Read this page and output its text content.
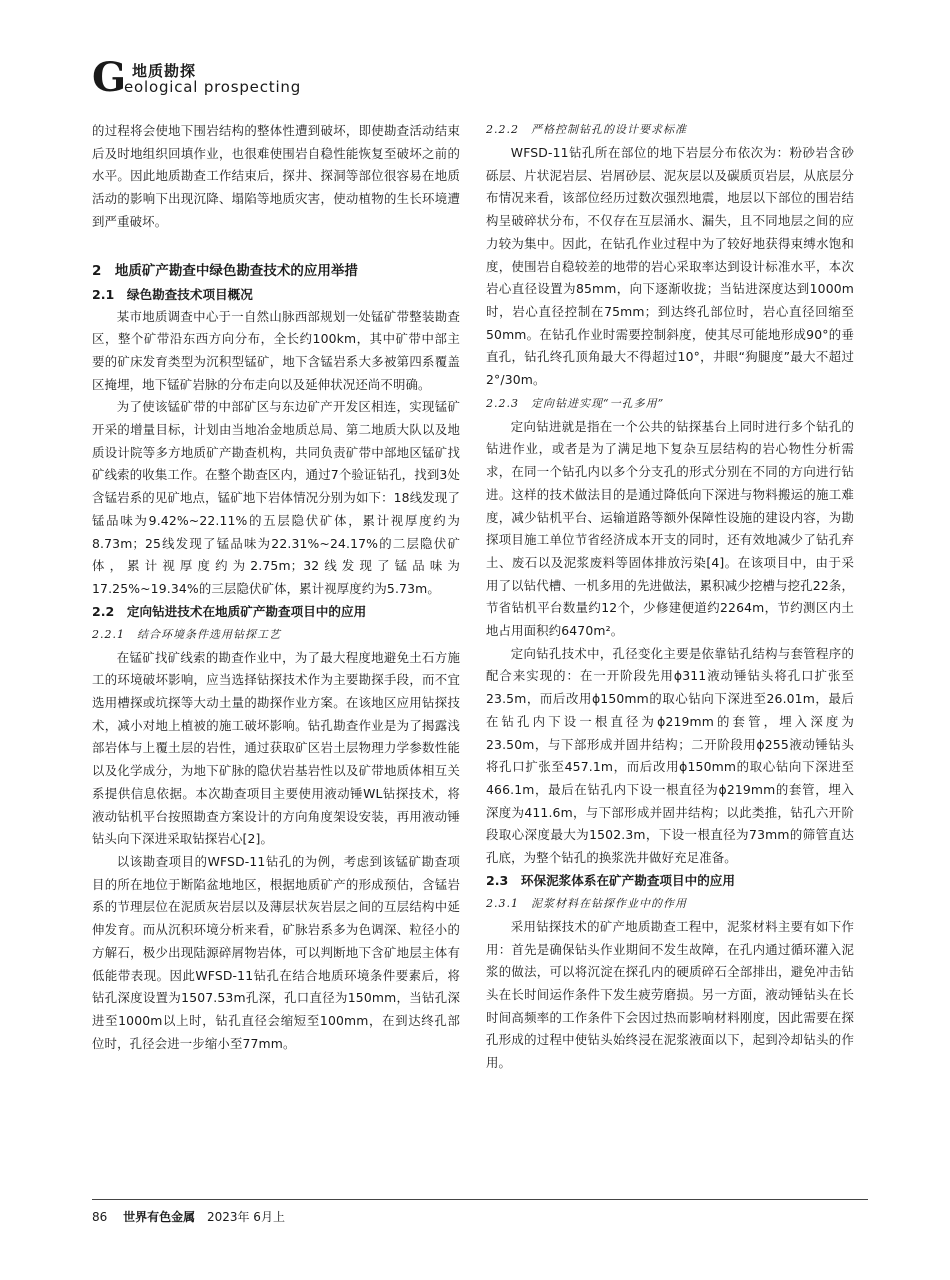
G 地质勘探
eological prospecting

的过程将会使地下围岩结构的整体性遭到破坏，即使勘查活动结束后及时地组织回填作业，也很难使围岩自稳性能恢复至破坏之前的水平。因此地质勘查工作结束后，探井、探洞等部位很容易在地质活动的影响下出现沉降、塌陷等地质灾害，使动植物的生长环境遭到严重破坏。

2　地质矿产勘查中绿色勘查技术的应用举措
2.1　绿色勘查技术项目概况

某市地质调查中心于一自然山脉西部规划一处锰矿带整装勘查区，整个矿带沿东西方向分布，全长约100km，其中矿带中部主要的矿床发育类型为沉积型锰矿，地下含锰岩系大多被第四系覆盖区掩埋，地下锰矿岩脉的分布走向以及延伸状况还尚不明确。

为了使该锰矿带的中部矿区与东边矿产开发区相连，实现锰矿开采的增量目标，计划由当地冶金地质总局、第二地质大队以及地质设计院等多方地质矿产勘查机构，共同负责矿带中部地区锰矿找矿线索的收集工作。在整个勘查区内，通过7个验证钻孔，找到3处含锰岩系的见矿地点，锰矿地下岩体情况分别为如下：18线发现了锰品味为9.42%~22.11%的五层隐伏矿体，累计视厚度约为8.73m；25线发现了锰品味为22.31%~24.17%的二层隐伏矿体，累计视厚度约为2.75m；32线发现了锰品味为17.25%~19.34%的三层隐伏矿体，累计视厚度约为5.73m。

2.2　定向钻进技术在地质矿产勘查项目中的应用
2.2.1　结合环境条件选用钻探工艺

在锰矿找矿线索的勘查作业中，为了最大程度地避免土石方施工的环境破坏影响，应当选择钻探技术作为主要勘探手段，而不宜选用槽探或坑探等大动土量的勘探作业方案。在该地区应用钻探技术，减小对地上植被的施工破坏影响。钻孔勘查作业是为了揭露浅部岩体与上覆土层的岩性，通过获取矿区岩土层物理力学参数性能以及化学成分，为地下矿脉的隐伏岩基岩性以及矿带地质体相互关系提供信息依据。本次勘查项目主要使用液动锤WL钻探技术，将液动钻机平台按照勘查方案设计的方向角度架设安装，再用液动锤钻头向下深进采取钻探岩心[2]。

以该勘查项目的WFSD-11钻孔的为例，考虑到该锰矿勘查项目的所在地位于断陷盆地地区，根据地质矿产的形成预估，含锰岩系的节理层位在泥质灰岩层以及薄层状灰岩层之间的互层结构中延伸发育。而从沉积环境分析来看，矿脉岩系多为色调深、粒径小的方解石，极少出现陆源碎屑物岩体，可以判断地下含矿地层主体有低能带表现。因此WFSD-11钻孔在结合地质环境条件要素后，将钻孔深度设置为1507.53m孔深，孔口直径为150mm，当钻孔深进至1000m以上时，钻孔直径会缩短至100mm，在到达终孔部位时，孔径会进一步缩小至77mm。

2.2.2　严格控制钻孔的设计要求标准

WFSD-11钻孔所在部位的地下岩层分布依次为：粉砂岩含砂砾层、片状泥岩层、岩屑砂层、泥灰层以及碳质页岩层，从底层分布情况来看，该部位经历过数次强烈地震，地层以下部位的围岩结构呈破碎状分布，不仅存在互层涌水、漏失，且不同地层之间的应力较为集中。因此，在钻孔作业过程中为了较好地获得束缚水饱和度，使围岩自稳较差的地带的岩心采取率达到设计标准水平，本次岩心直径设置为85mm，向下逐渐收拢；当钻进深度达到1000m时，岩心直径控制在75mm；到达终孔部位时，岩心直径回缩至50mm。在钻孔作业时需要控制斜度，使其尽可能地形成90°的垂直孔，钻孔终孔顶角最大不得超过10°，井眼“狗腿度”最大不超过2°/30m。

2.2.3　定向钻进实现“一孔多用”

定向钻进就是指在一个公共的钻探基台上同时进行多个钻孔的钻进作业，或者是为了满足地下复杂互层结构的岩心物性分析需求，在同一个钻孔内以多个分支孔的形式分别在不同的方向进行钻进。这样的技术做法目的是通过降低向下深进与物料搬运的施工难度，减少钻机平台、运输道路等额外保障性设施的建设内容，为勘探项目施工单位节省经济成本开支的同时，还有效地减少了钻孔弃土、废石以及泥浆废料等固体排放污染[4]。在该项目中，由于采用了以钻代槽、一机多用的先进做法，累积减少挖槽与挖孔22条，节省钻机平台数量约12个，少修建便道约2264m，节约测区内土地占用面积约6470m²。

定向钻孔技术中，孔径变化主要是依靠钻孔结构与套管程序的配合来实现的：在一开阶段先用ϕ311液动锤钻头将孔口扩张至23.5m，而后改用ϕ150mm的取心钻向下深进至26.01m，最后在钻孔内下设一根直径为ϕ219mm的套管，埋入深度为23.50m，与下部形成并固井结构；二开阶段用ϕ255液动锤钻头将孔口扩张至457.1m，而后改用ϕ150mm的取心钻向下深进至466.1m，最后在钻孔内下设一根直径为ϕ219mm的套管，埋入深度为411.6m，与下部形成并固井结构；以此类推，钻孔六开阶段取心深度最大为1502.3m，下设一根直径为73mm的筛管直达孔底，为整个钻孔的换浆洗井做好充足准备。

2.3　环保泥浆体系在矿产勘查项目中的应用
2.3.1　泥浆材料在钻探作业中的作用

采用钻探技术的矿产地质勘查工程中，泥浆材料主要有如下作用：首先是确保钻头作业期间不发生故障，在孔内通过循环灌入泥浆的做法，可以将沉淀在探孔内的硬质碎石全部排出，避免冲击钻头在长时间运作条件下发生疲劳磨损。另一方面，液动锤钻头在长时间高频率的工作条件下会因过热而影响材料刚度，因此需要在探孔形成的过程中使钻头始终浸在泥浆液面以下，起到冷却钻头的作用。

86 世界有色金属 2023年 6月上
